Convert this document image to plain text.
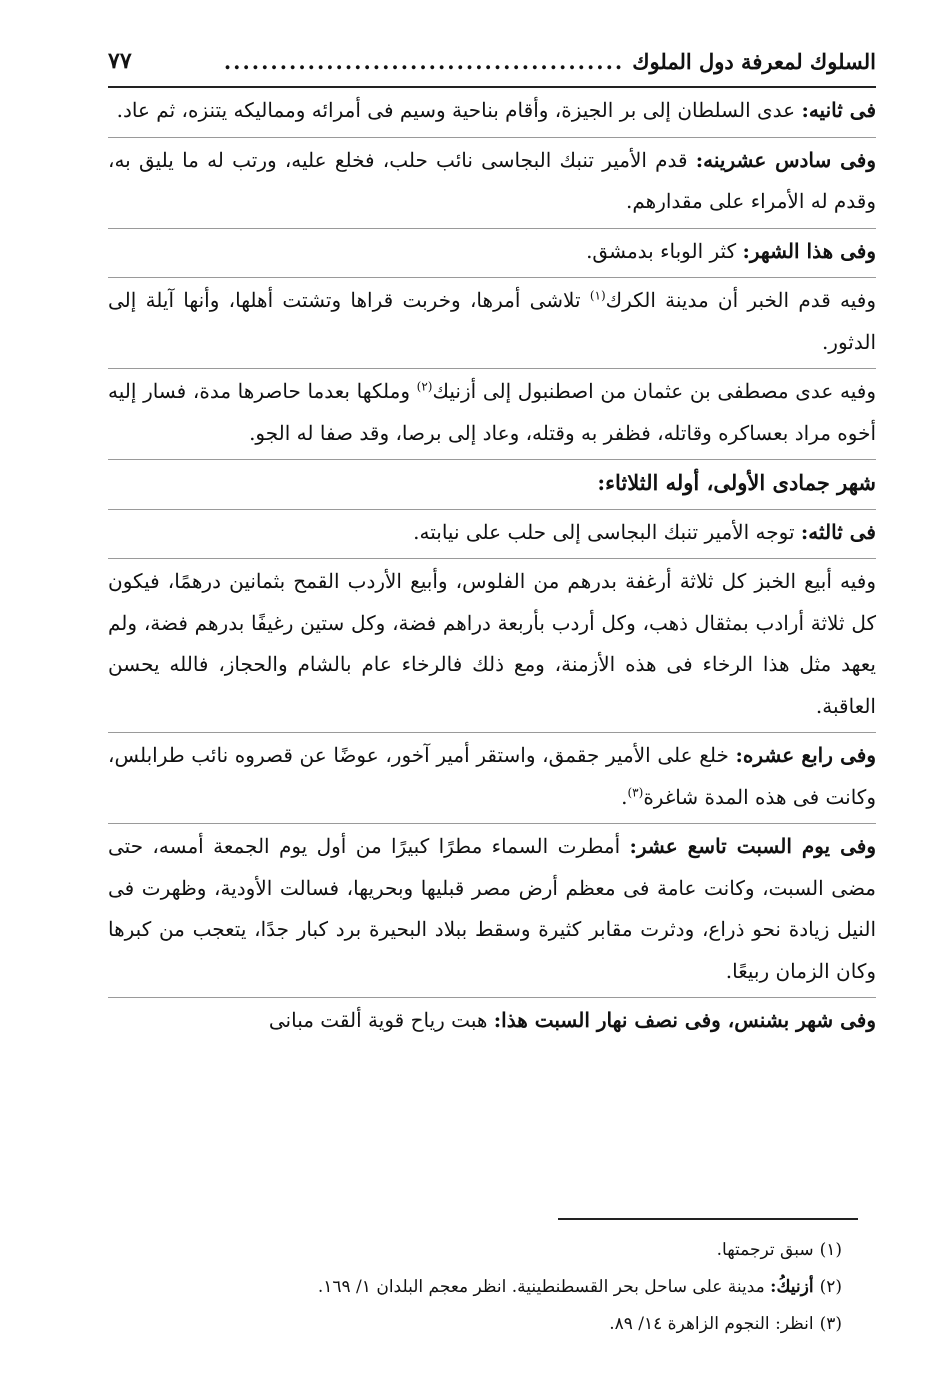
السلوك لمعرفة دول الملوك
...........................................
٧٧

فى ثانيه: عدى السلطان إلى بر الجيزة، وأقام بناحية وسيم فى أمرائه ومماليكه يتنزه، ثم عاد.

وفى سادس عشرينه: قدم الأمير تنبك البجاسى نائب حلب، فخلع عليه، ورتب له ما يليق به، وقدم له الأمراء على مقدارهم.

وفى هذا الشهر: كثر الوباء بدمشق.

وفيه قدم الخبر أن مدينة الكرك$^{(١)}$ تلاشى أمرها، وخربت قراها وتشتت أهلها، وأنها آيلة إلى الدثور.

وفيه عدى مصطفى بن عثمان من اصطنبول إلى أزنيك$^{(٢)}$ وملكها بعدما حاصرها مدة، فسار إليه أخوه مراد بعساكره وقاتله، فظفر به وقتله، وعاد إلى برصا، وقد صفا له الجو.

شهر جمادى الأولى، أوله الثلاثاء:

فى ثالثه: توجه الأمير تنبك البجاسى إلى حلب على نيابته.

وفيه أبيع الخبز كل ثلاثة أرغفة بدرهم من الفلوس، وأبيع الأردب القمح بثمانين درهمًا، فيكون كل ثلاثة أرادب بمثقال ذهب، وكل أردب بأربعة دراهم فضة، وكل ستين رغيفًا بدرهم فضة، ولم يعهد مثل هذا الرخاء فى هذه الأزمنة، ومع ذلك فالرخاء عام بالشام والحجاز، فالله يحسن العاقبة.

وفى رابع عشره: خلع على الأمير جقمق، واستقر أمير آخور، عوضًا عن قصروه نائب طرابلس، وكانت فى هذه المدة شاغرة$^{(٣)}$.

وفى يوم السبت تاسع عشر: أمطرت السماء مطرًا كبيرًا من أول يوم الجمعة أمسه، حتى مضى السبت، وكانت عامة فى معظم أرض مصر قبليها وبحريها، فسالت الأودية، وظهرت فى النيل زيادة نحو ذراع، ودثرت مقابر كثيرة وسقط ببلاد البحيرة برد كبار جدًا، يتعجب من كبرها وكان الزمان ربيعًا.

وفى شهر بشنس، وفى نصف نهار السبت هذا: هبت رياح قوية ألقت مبانى

(١)سبق ترجمتها.
(٢)أزنيكُ: مدينة على ساحل بحر القسطنطينية. انظر معجم البلدان ١/ ١٦٩.
(٣)انظر: النجوم الزاهرة ١٤/ ٨٩.
